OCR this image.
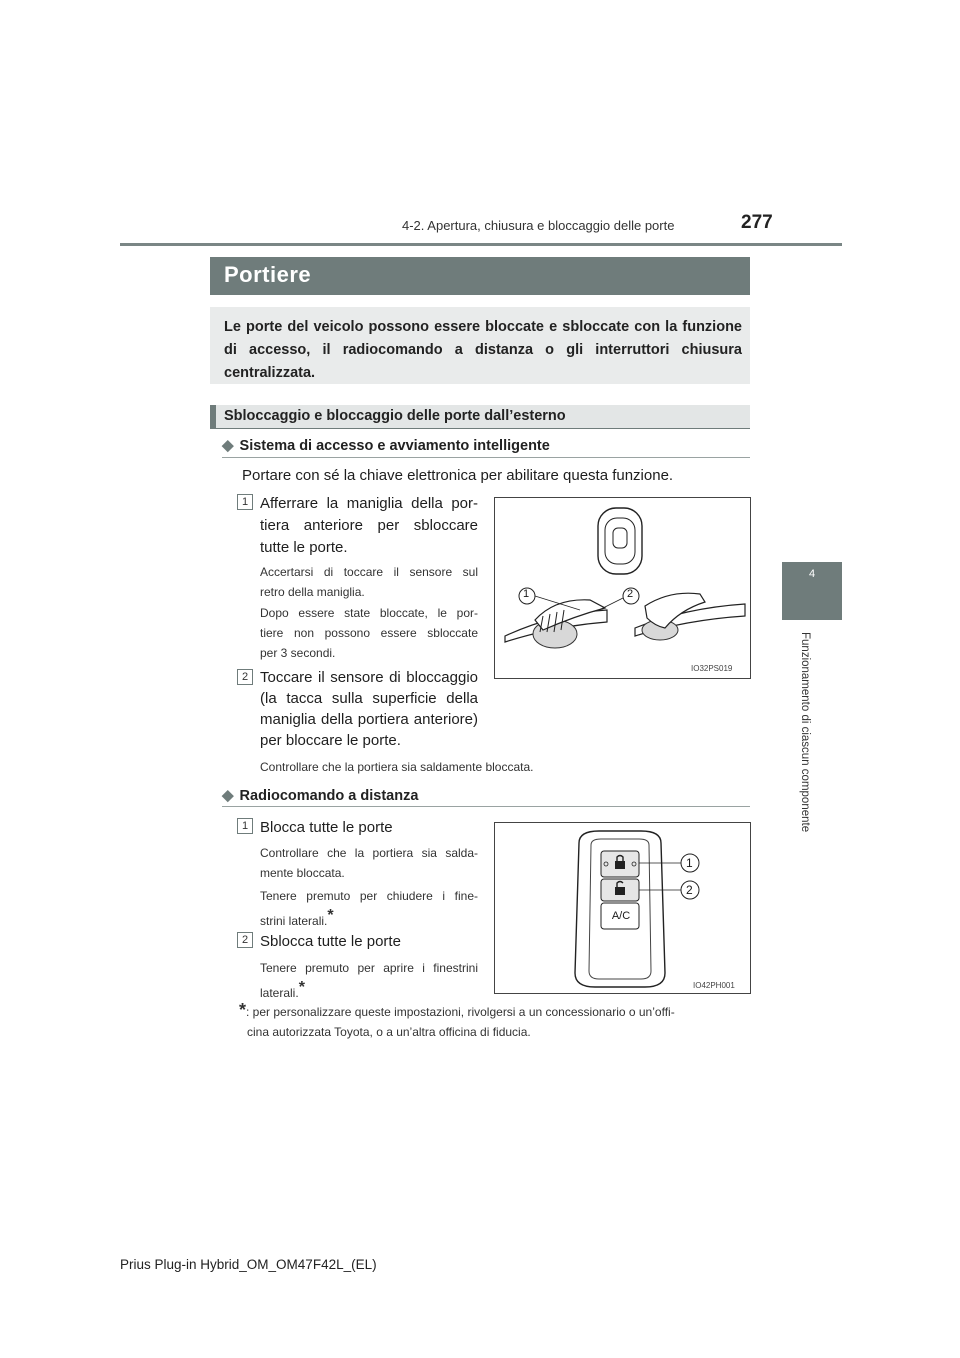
4-2. Apertura, chiusura e bloccaggio delle porte	277
4
Funzionamento di ciascun componente
Portiere
Le porte del veicolo possono essere bloccate e sbloccate con la funzione di accesso, il radiocomando a distanza o gli interruttori chiusura centralizzata.
Sbloccaggio e bloccaggio delle porte dall’esterno
◆ Sistema di accesso e avviamento intelligente
Portare con sé la chiave elettronica per abilitare questa funzione.
1 Afferrare la maniglia della por-
tiera anteriore per sbloccare
tutte le porte.
Accertarsi di toccare il sensore sul
retro della maniglia.
Dopo essere state bloccate, le por-
tiere non possono essere sbloccate
per 3 secondi.
2 Toccare il sensore di bloccaggio
(la tacca sulla superficie della
maniglia della portiera anteriore)
per bloccare le porte.
Controllare che la portiera sia saldamente bloccata.
1	2
IO32PS019
◆ Radiocomando a distanza
1 Blocca tutte le porte
Controllare che la portiera sia salda-
mente bloccata.
Tenere premuto per chiudere i fine-
strini laterali.*
2 Sblocca tutte le porte
Tenere premuto per aprire i finestrini
laterali.*
A/C
1
2
IO42PH001
*: per personalizzare queste impostazioni, rivolgersi a un concessionario o un’offi-
cina autorizzata Toyota, o a un’altra officina di fiducia.
Prius Plug-in Hybrid_OM_OM47F42L_(EL)
